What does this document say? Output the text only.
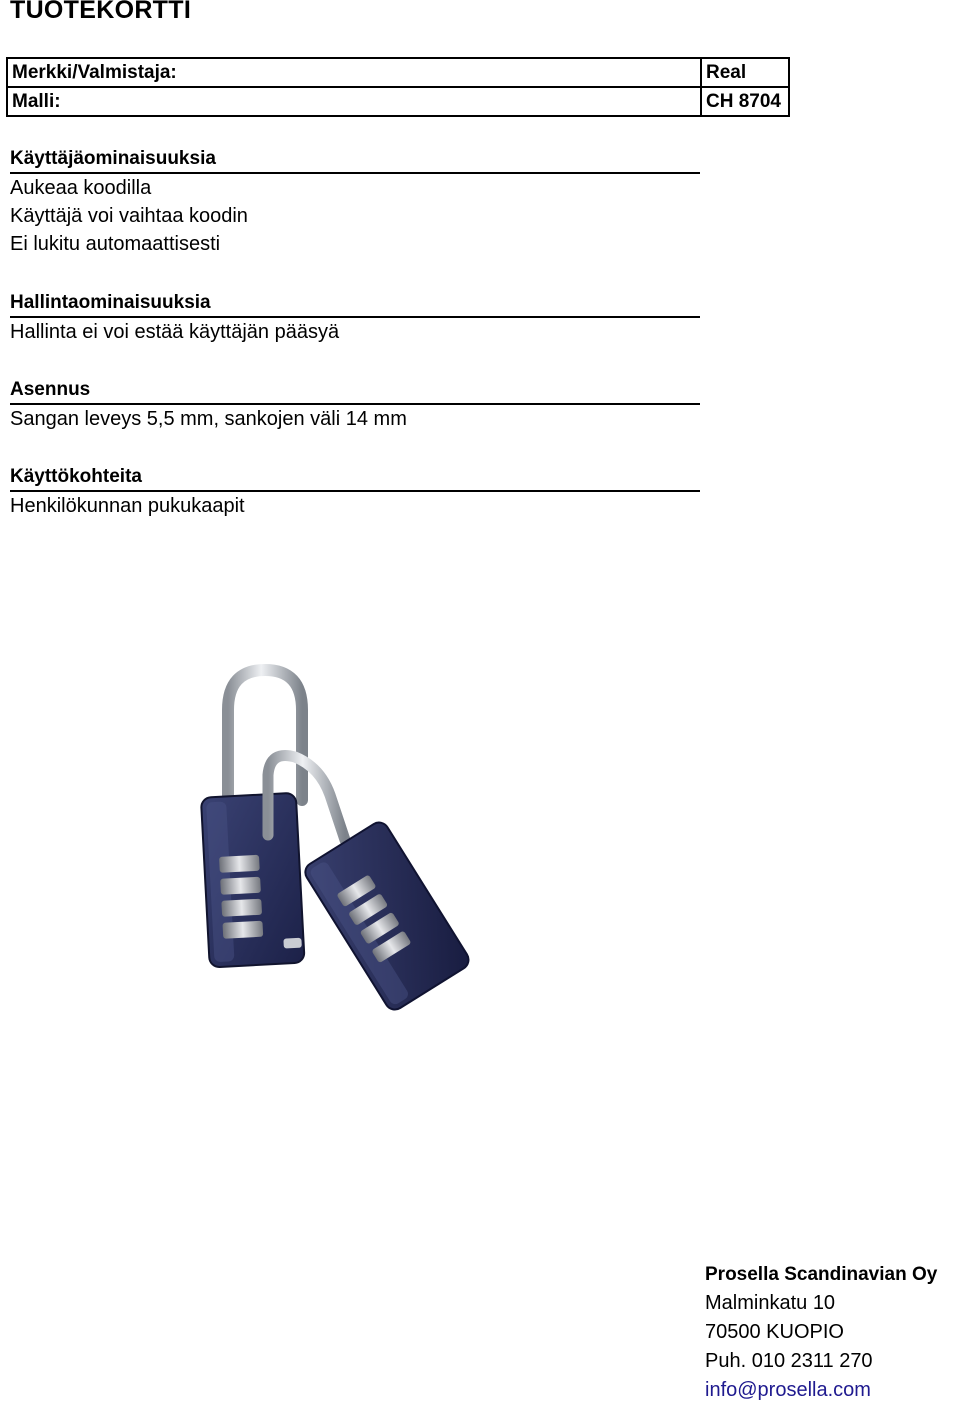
TUOTEKORTTI
Merkki/Valmistaja:	Real
Malli:	CH 8704
Käyttäjäominaisuuksia
Aukeaa koodilla
Käyttäjä voi vaihtaa koodin
Ei lukitu automaattisesti
Hallintaominaisuuksia
Hallinta ei voi estää käyttäjän pääsyä
Asennus
Sangan leveys 5,5 mm, sankojen väli 14 mm
Käyttökohteita
Henkilökunnan pukukaapit
Prosella Scandinavian Oy
Malminkatu 10
70500 KUOPIO
Puh. 010 2311 270
info@prosella.com
